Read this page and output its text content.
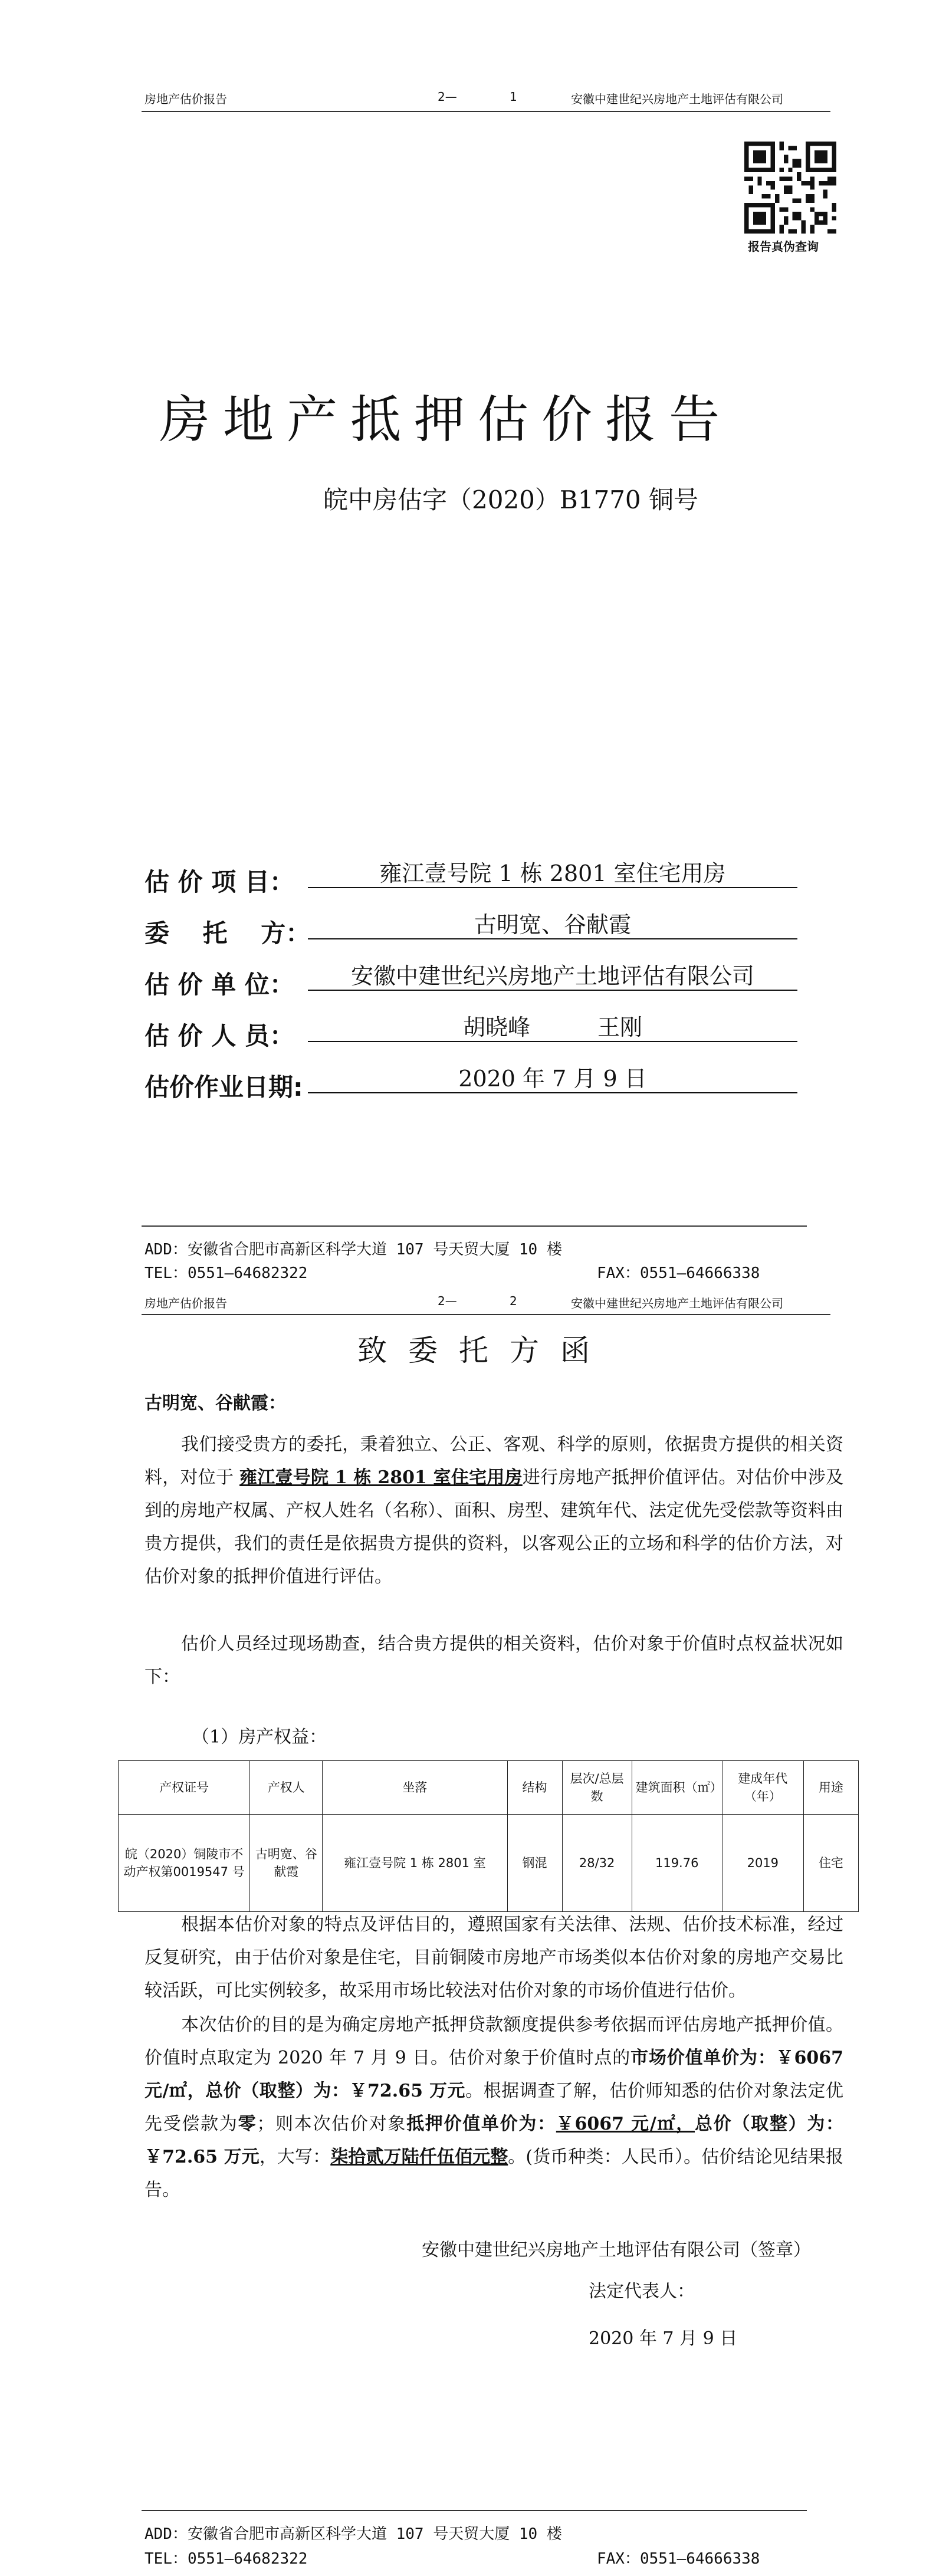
房地产估价报告	2—	1	安徽中建世纪兴房地产土地评估有限公司
报告真伪查询
房地产抵押估价报告
皖中房估字（2020）B1770 铜号
估 价 项 目：	雍江壹号院 1 栋 2801 室住宅用房
委　 托　 方：	古明宽、谷献霞
估 价 单 位：	安徽中建世纪兴房地产土地评估有限公司
估 价 人 员：	胡晓峰　　　王刚
估价作业日期:	2020 年 7 月 9 日
ADD：安徽省合肥市高新区科学大道 107 号天贸大厦 10 楼
TEL：0551—64682322	FAX：0551—64666338
房地产估价报告	2—	2	安徽中建世纪兴房地产土地评估有限公司
致委托方函
古明宽、谷献霞：
我们接受贵方的委托，秉着独立、公正、客观、科学的原则，依据贵方提供的相关资料，对位于 雍江壹号院 1 栋 2801 室住宅用房进行房地产抵押价值评估。对估价中涉及到的房地产权属、产权人姓名（名称）、面积、房型、建筑年代、法定优先受偿款等资料由贵方提供，我们的责任是依据贵方提供的资料，以客观公正的立场和科学的估价方法，对估价对象的抵押价值进行评估。
估价人员经过现场勘查，结合贵方提供的相关资料，估价对象于价值时点权益状况如下：
（1）房产权益：
产权证号	产权人	坐落	结构	层次/总层数	建筑面积（㎡）	建成年代（年）	用途
皖（2020）铜陵市不动产权第0019547 号	古明宽、谷献霞	雍江壹号院 1 栋 2801 室	钢混	28/32	119.76	2019	住宅
根据本估价对象的特点及评估目的，遵照国家有关法律、法规、估价技术标准，经过反复研究，由于估价对象是住宅，目前铜陵市房地产市场类似本估价对象的房地产交易比较活跃，可比实例较多，故采用市场比较法对估价对象的市场价值进行估价。
本次估价的目的是为确定房地产抵押贷款额度提供参考依据而评估房地产抵押价值。价值时点取定为 2020 年 7 月 9 日。估价对象于价值时点的市场价值单价为：￥6067 元/㎡，总价（取整）为：￥72.65 万元。根据调查了解，估价师知悉的估价对象法定优先受偿款为零；则本次估价对象抵押价值单价为：￥6067 元/㎡，总价（取整）为：￥72.65 万元，大写：柒拾贰万陆仟伍佰元整。(货币种类：人民币）。估价结论见结果报告。
安徽中建世纪兴房地产土地评估有限公司（签章）
法定代表人：
2020 年 7 月 9 日
ADD：安徽省合肥市高新区科学大道 107 号天贸大厦 10 楼
TEL：0551—64682322	FAX：0551—64666338
